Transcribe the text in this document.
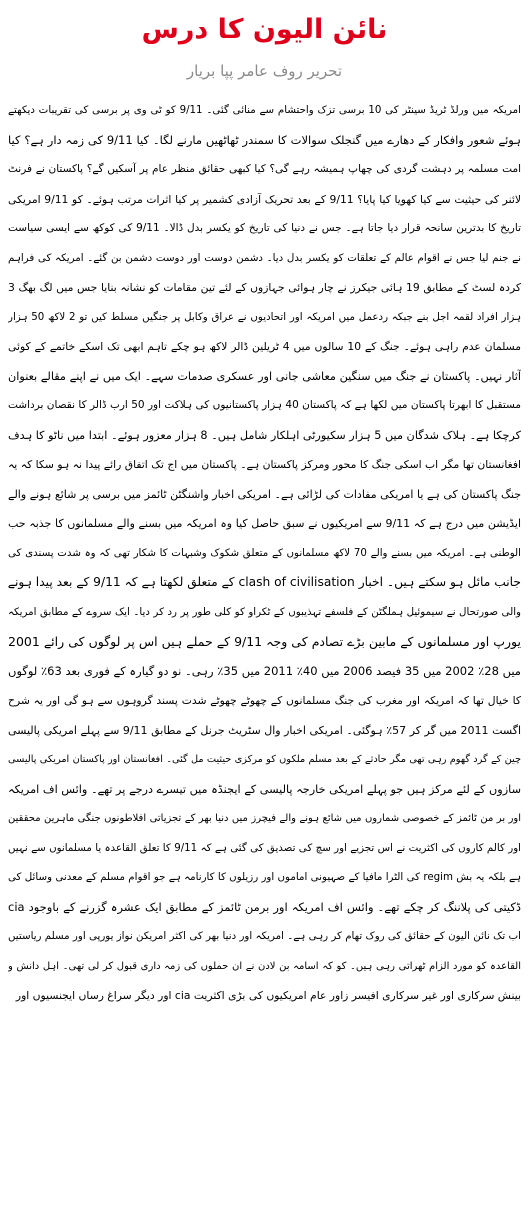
نائن الیون کا درس
تحریر روف عامر پپا بریار
امریکہ میں ورلڈ ٹریڈ سینٹر کی 10 برسی تزک واحتشام سے منائی گئی۔ 9/11 کو ٹی وی پر برسی کی تقریبات دیکھتے
ہوئے شعور وافکار کے دھارے میں گنجلک سوالات کا سمندر ٹھاٹھیں مارنے لگا۔ کیا 9/11 کی زمہ دار ہے؟ کیا
امت مسلمہ پر دہشت گردی کی چھاپ ہمیشہ رہے گی؟ کیا کبھی حقائق منظر عام پر آسکیں گے؟ پاکستان نے فرنٹ
لائنر کی حیثیت سے کیا کھویا کیا پایا؟ 9/11 کے بعد تحریک آزادی کشمیر پر کیا اثرات مرتب ہوئے۔ کو 9/11 امریکی
تاریخ کا بدترین سانحہ قرار دیا جاتا ہے۔ جس نے دنیا کی تاریخ کو یکسر بدل ڈالا۔ 9/11 کی کوکھ سے ایسی سیاست
نے جنم لیا جس نے اقوام عالم کے تعلقات کو یکسر بدل دیا۔ دشمن دوست اور دوست دشمن بن گئے۔ امریکہ کی فراہم
کردہ لسٹ کے مطابق 19 ہائی جیکرز نے چار ہوائی جہازوں کے لئے تین مقامات کو نشانہ بنایا جس میں لگ بھگ 3
ہزار افراد لقمہ اجل بنے جبکہ ردعمل میں امریکہ اور اتحادیوں نے عراق وکابل پر جنگیں مسلط کیں تو 2 لاکھ 50 ہزار
مسلمان عدم راہی ہوئے۔ جنگ کے 10 سالوں میں 4 ٹریلین ڈالر لاکھ ہو چکے تاہم ابھی تک اسکے خاتمے کے کوئی
آثار نہیں۔ پاکستان نے جنگ میں سنگین معاشی جانی اور عسکری صدمات سہے۔ ایک میں نے اپنے مقالے بعنوان
مستقبل کا ابھرتا پاکستان میں لکھا ہے کہ پاکستان 40 ہزار پاکستانیوں کی ہلاکت اور 50 ارب ڈالر کا نقصان برداشت
کرچکا ہے۔ ہلاک شدگان میں 5 ہزار سکیورٹی اہلکار شامل ہیں۔ 8 ہزار معزور ہوئے۔ ابتدا میں ناٹو کا ہدف
افغانستان تھا مگر اب اسکی جنگ کا محور ومرکز پاکستان ہے۔ پاکستان میں اج تک اتفاق رائے پیدا نہ ہو سکا کہ یہ
جنگ پاکستان کی ہے یا امریکی مفادات کی لڑائی ہے۔ امریکی اخبار واشنگٹن ٹائمز میں برسی پر شائع ہونے والے
ایڈیشن میں درج ہے کہ 9/11 سے امریکیوں نے سبق حاصل کیا وہ امریکہ میں بسنے والے مسلمانوں کا جذبہ حب
الوطنی ہے۔ امریکہ میں بسنے والے 70 لاکھ مسلمانوں کے متعلق شکوک وشبہات کا شکار تھی کہ وہ شدت پسندی کی
جانب مائل ہو سکتے ہیں۔ اخبار clash of civilisation کے متعلق لکھتا ہے کہ 9/11 کے بعد پیدا ہونے
والی صورتحال نے سیموئیل ہملگٹن کے فلسفے تہذیبوں کے ٹکراو کو کلی طور پر رد کر دیا۔ ایک سروے کے مطابق امریکہ
یورپ اور مسلمانوں کے مابین بڑے تصادم کی وجہ 9/11 کے حملے ہیں اس پر لوگوں کی رائے 2001
میں 28٪ 2002 میں 35 فیصد 2006 میں 40٪ 2011 میں 35٪ رہی۔ نو دو گیارہ کے فوری بعد 63٪ لوگوں
کا خیال تھا کہ امریکہ اور مغرب کی جنگ مسلمانوں کے چھوٹے چھوٹے شدت پسند گروہوں سے ہو گی اور یہ شرح
اگست 2011 میں گر کر 57٪ ہوگئی۔ امریکی اخبار وال سٹریٹ جرنل کے مطابق 9/11 سے پہلے امریکی پالیسی
چین کے گرد گھوم رہی تھی مگر حادثے کے بعد مسلم ملکوں کو مرکزی حیثیت مل گئی۔ افغانستان اور پاکستان امریکی پالیسی
سازوں کے لئے مرکز ہیں جو پہلے امریکی خارجہ پالیسی کے ایجنڈہ میں تیسرے درجے پر تھے۔ وائس اف امریکہ
اور بر من ٹائمز کے خصوصی شماروں میں شائع ہونے والے فیچرز میں دنیا بھر کے تجزیاتی افلاطونوں جنگی ماہرین محققین
اور کالم کاروں کی اکثریت نے اس تجزیے اور سچ کی تصدیق کی گئی ہے کہ 9/11 کا تعلق القاعدہ یا مسلمانوں سے نہیں
ہے بلکہ یہ بش regim کی الٹرا مافیا کے صہیونی اماموں اور رزیلوں کا کارنامہ ہے جو اقوام مسلم کے معدنی وسائل کی
ڈکیتی کی پلاننگ کر چکے تھے۔ وائس اف امریکہ اور برمن ٹائمز کے مطابق ایک عشرہ گزرنے کے باوجود cia
اب تک نائن الیون کے حقائق کی روک تھام کر رہی ہے۔ امریکہ اور دنیا بھر کی اکثر امریکن نواز یورپی اور مسلم ریاستیں
القاعدہ کو مورد الزام ٹھراتی رہی ہیں۔ کو کہ اسامہ بن لادن نے ان حملوں کی زمہ داری قبول کر لی تھی۔ اہل دانش و
بینش سرکاری اور غیر سرکاری افیسر زاور عام امریکیوں کی بڑی اکثریت cia اور دیگر سراغ رساں ایجنسیوں اور
